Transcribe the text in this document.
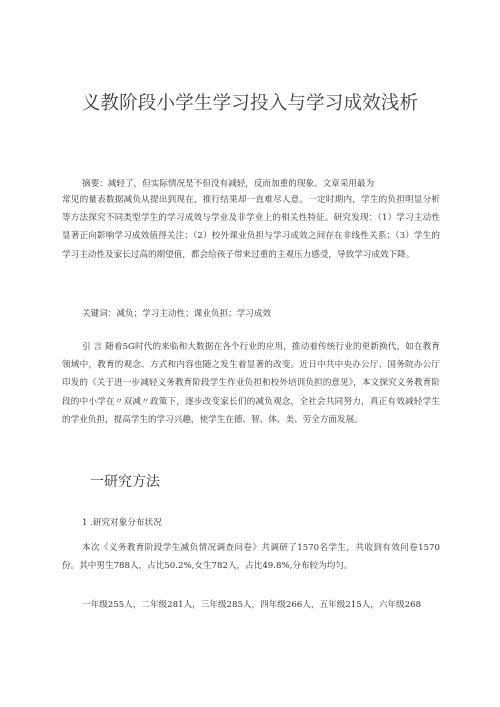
义教阶段小学生学习投入与学习成效浅析

摘要：减轻了，但实际情况是不但没有减轻，反而加重的现象。文章采用最为

常见的量表数据减负从提出到现在，推行结果却一直难尽人意。一定时期内，学生的负担明显分析等方法探究不同类型学生的学习成效与学业及非学业上的相关性特征。研究发现：（1）学习主动性显著正向影响学习成效值得关注；（2）校外课业负担与学习成效之间存在非线性关系；（3）学生的学习主动性及家长过高的期望值，都会给孩子带来过重的主观压力感受，导致学习成效下降。

关键词：减负；学习主动性；课业负担；学习成效

引 言 随着5G时代的来临和大数据在各个行业的应用，推动着传统行业的更新换代，如在教育领域中，教育的观念、方式和内容也随之发生着显著的改变。近日中共中央办公厅、国务院办公厅印发的《关于进一步减轻义务教育阶段学生作业负担和校外培训负担的意见》，本文探究义务教育阶段的中小学在〃双减〃政策下，逐步改变家长们的减负观念，全社会共同努力，真正有效减轻学生的学业负担，提高学生的学习兴趣，使学生在德、智、体、美、劳全方面发展。

一研究方法

1 .研究对象分布状况

本次《义务教育阶段学生减负情况调查问卷》共调研了1570名学生，共收到有效问卷1570份。其中男生788人，占比50.2%,女生782人，占比49.8%,分布较为均匀。

一年级255人，二年级281人，三年级285人，四年级266人，五年级215人，六年级268
